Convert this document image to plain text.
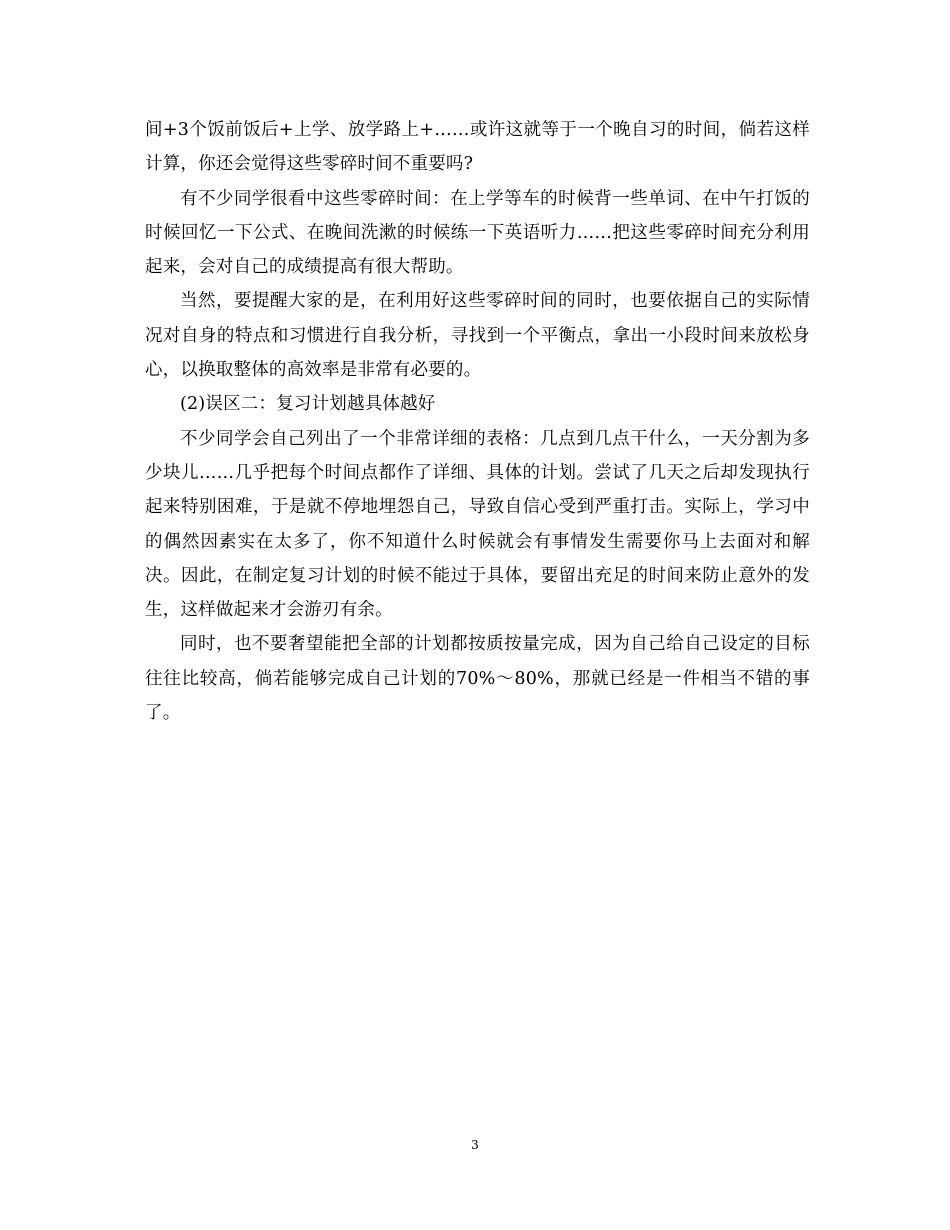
间+3个饭前饭后+上学、放学路上+……或许这就等于一个晚自习的时间，倘若这样计算，你还会觉得这些零碎时间不重要吗?

有不少同学很看中这些零碎时间：在上学等车的时候背一些单词、在中午打饭的时候回忆一下公式、在晚间洗漱的时候练一下英语听力……把这些零碎时间充分利用起来，会对自己的成绩提高有很大帮助。

当然，要提醒大家的是，在利用好这些零碎时间的同时，也要依据自己的实际情况对自身的特点和习惯进行自我分析，寻找到一个平衡点，拿出一小段时间来放松身心，以换取整体的高效率是非常有必要的。

(2)误区二：复习计划越具体越好

不少同学会自己列出了一个非常详细的表格：几点到几点干什么，一天分割为多少块儿……几乎把每个时间点都作了详细、具体的计划。尝试了几天之后却发现执行起来特别困难，于是就不停地埋怨自己，导致自信心受到严重打击。实际上，学习中的偶然因素实在太多了，你不知道什么时候就会有事情发生需要你马上去面对和解决。因此，在制定复习计划的时候不能过于具体，要留出充足的时间来防止意外的发生，这样做起来才会游刃有余。

同时，也不要奢望能把全部的计划都按质按量完成，因为自己给自己设定的目标往往比较高，倘若能够完成自己计划的70%～80%，那就已经是一件相当不错的事了。

3
